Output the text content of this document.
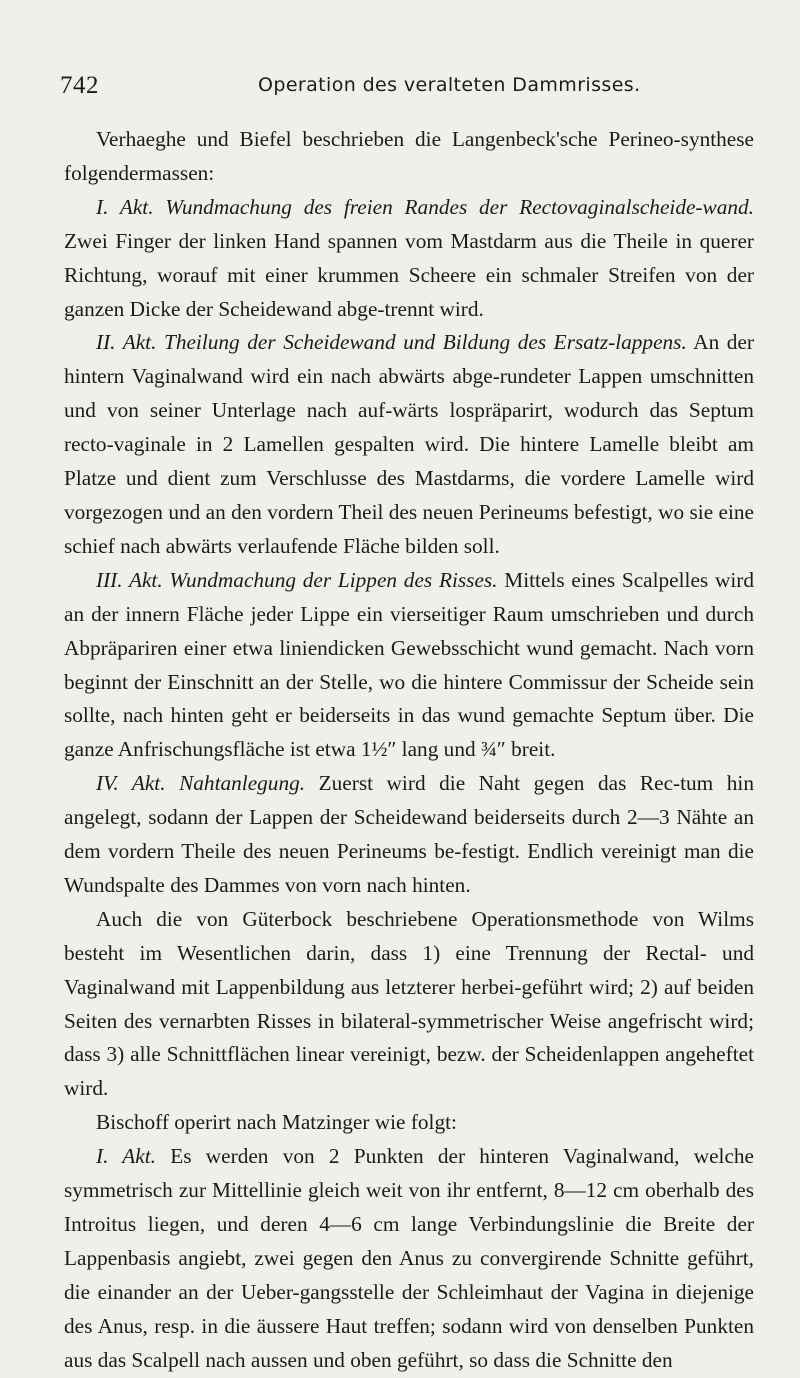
742	Operation des veralteten Dammrisses.

Verhaeghe und Biefel beschrieben die Langenbeck'sche Perineo-synthese folgendermassen:

I. Akt. Wundmachung des freien Randes der Rectovaginalscheide-wand. Zwei Finger der linken Hand spannen vom Mastdarm aus die Theile in querer Richtung, worauf mit einer krummen Scheere ein schmaler Streifen von der ganzen Dicke der Scheidewand abge-trennt wird.

II. Akt. Theilung der Scheidewand und Bildung des Ersatz-lappens. An der hintern Vaginalwand wird ein nach abwärts abge-rundeter Lappen umschnitten und von seiner Unterlage nach auf-wärts lospräparirt, wodurch das Septum recto-vaginale in 2 Lamellen gespalten wird. Die hintere Lamelle bleibt am Platze und dient zum Verschlusse des Mastdarms, die vordere Lamelle wird vorgezogen und an den vordern Theil des neuen Perineums befestigt, wo sie eine schief nach abwärts verlaufende Fläche bilden soll.

III. Akt. Wundmachung der Lippen des Risses. Mittels eines Scalpelles wird an der innern Fläche jeder Lippe ein vierseitiger Raum umschrieben und durch Abpräpariren einer etwa liniendicken Gewebsschicht wund gemacht. Nach vorn beginnt der Einschnitt an der Stelle, wo die hintere Commissur der Scheide sein sollte, nach hinten geht er beiderseits in das wund gemachte Septum über. Die ganze Anfrischungsfläche ist etwa 1½″ lang und ¾″ breit.

IV. Akt. Nahtanlegung. Zuerst wird die Naht gegen das Rec-tum hin angelegt, sodann der Lappen der Scheidewand beiderseits durch 2—3 Nähte an dem vordern Theile des neuen Perineums be-festigt. Endlich vereinigt man die Wundspalte des Dammes von vorn nach hinten.

Auch die von Güterbock beschriebene Operationsmethode von Wilms besteht im Wesentlichen darin, dass 1) eine Trennung der Rectal- und Vaginalwand mit Lappenbildung aus letzterer herbei-geführt wird; 2) auf beiden Seiten des vernarbten Risses in bilateral-symmetrischer Weise angefrischt wird; dass 3) alle Schnittflächen linear vereinigt, bezw. der Scheidenlappen angeheftet wird.

Bischoff operirt nach Matzinger wie folgt:

I. Akt. Es werden von 2 Punkten der hinteren Vaginalwand, welche symmetrisch zur Mittellinie gleich weit von ihr entfernt, 8—12 cm oberhalb des Introitus liegen, und deren 4—6 cm lange Verbindungslinie die Breite der Lappenbasis angiebt, zwei gegen den Anus zu convergirende Schnitte geführt, die einander an der Ueber-gangsstelle der Schleimhaut der Vagina in diejenige des Anus, resp. in die äussere Haut treffen; sodann wird von denselben Punkten aus das Scalpell nach aussen und oben geführt, so dass die Schnitte den
